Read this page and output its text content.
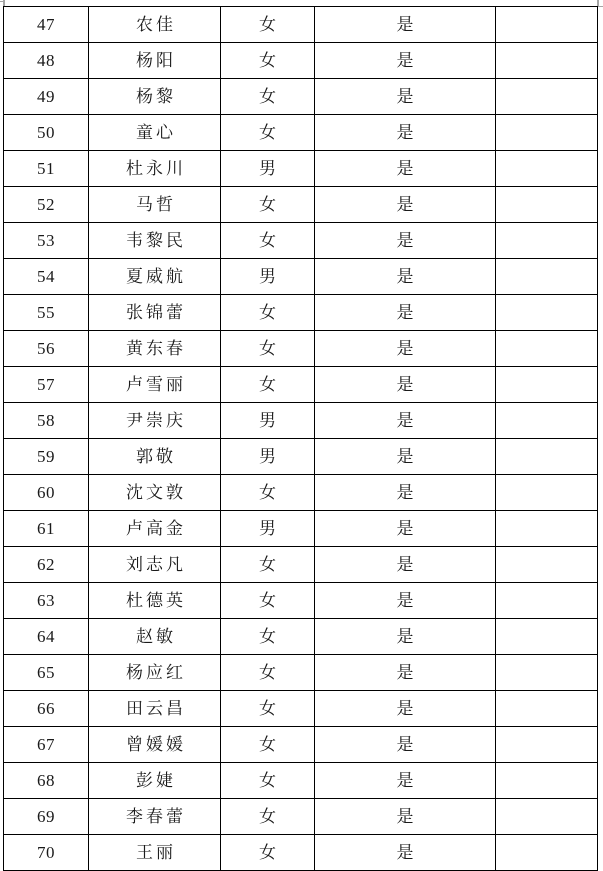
47	农佳	女	是	
48	杨阳	女	是	
49	杨黎	女	是	
50	童心	女	是	
51	杜永川	男	是	
52	马哲	女	是	
53	韦黎民	女	是	
54	夏威航	男	是	
55	张锦蕾	女	是	
56	黄东春	女	是	
57	卢雪丽	女	是	
58	尹崇庆	男	是	
59	郭敬	男	是	
60	沈文敦	女	是	
61	卢高金	男	是	
62	刘志凡	女	是	
63	杜德英	女	是	
64	赵敏	女	是	
65	杨应红	女	是	
66	田云昌	女	是	
67	曾媛媛	女	是	
68	彭婕	女	是	
69	李春蕾	女	是	
70	王丽	女	是	
